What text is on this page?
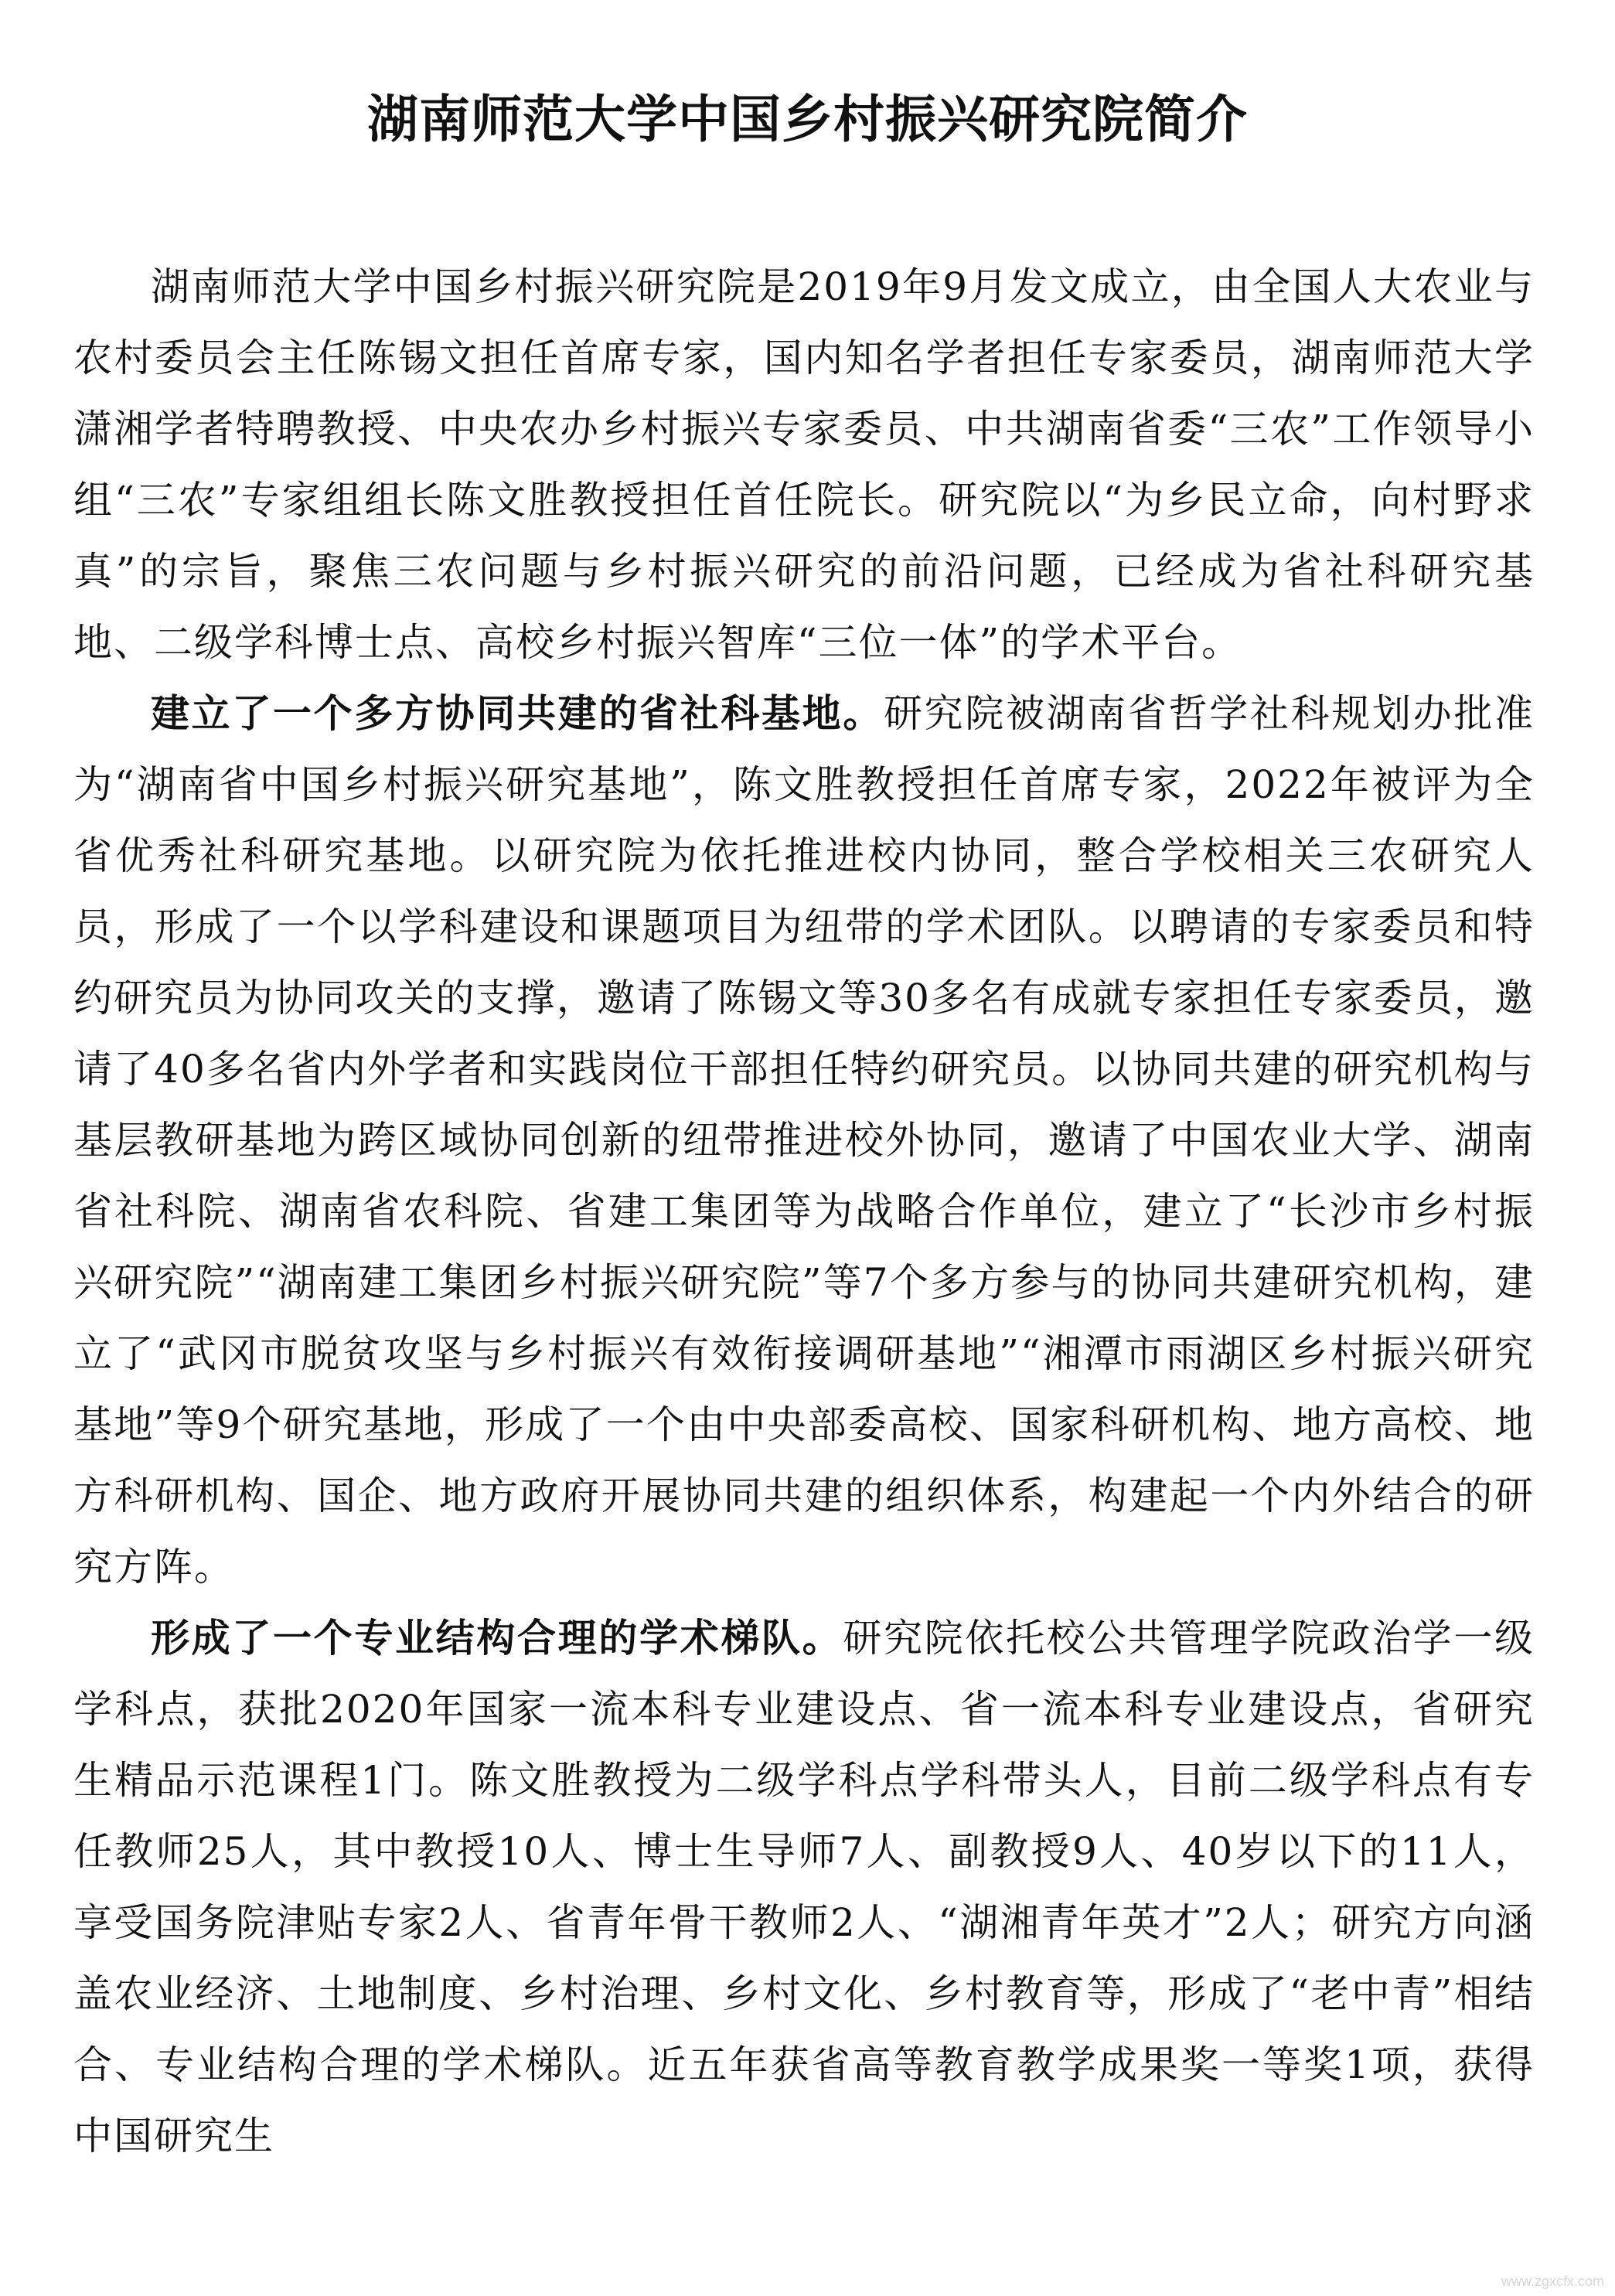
湖南师范大学中国乡村振兴研究院简介

湖南师范大学中国乡村振兴研究院是2019年9月发文成立，由全国人大农业与农村委员会主任陈锡文担任首席专家，国内知名学者担任专家委员，湖南师范大学潇湘学者特聘教授、中央农办乡村振兴专家委员、中共湖南省委“三农”工作领导小组“三农”专家组组长陈文胜教授担任首任院长。研究院以“为乡民立命，向村野求真”的宗旨，聚焦三农问题与乡村振兴研究的前沿问题，已经成为省社科研究基地、二级学科博士点、高校乡村振兴智库“三位一体”的学术平台。

建立了一个多方协同共建的省社科基地。研究院被湖南省哲学社科规划办批准为“湖南省中国乡村振兴研究基地”，陈文胜教授担任首席专家，2022年被评为全省优秀社科研究基地。以研究院为依托推进校内协同，整合学校相关三农研究人员，形成了一个以学科建设和课题项目为纽带的学术团队。以聘请的专家委员和特约研究员为协同攻关的支撑，邀请了陈锡文等30多名有成就专家担任专家委员，邀请了40多名省内外学者和实践岗位干部担任特约研究员。以协同共建的研究机构与基层教研基地为跨区域协同创新的纽带推进校外协同，邀请了中国农业大学、湖南省社科院、湖南省农科院、省建工集团等为战略合作单位，建立了“长沙市乡村振兴研究院”“湖南建工集团乡村振兴研究院”等7个多方参与的协同共建研究机构，建立了“武冈市脱贫攻坚与乡村振兴有效衔接调研基地”“湘潭市雨湖区乡村振兴研究基地”等9个研究基地，形成了一个由中央部委高校、国家科研机构、地方高校、地方科研机构、国企、地方政府开展协同共建的组织体系，构建起一个内外结合的研究方阵。

形成了一个专业结构合理的学术梯队。研究院依托校公共管理学院政治学一级学科点，获批2020年国家一流本科专业建设点、省一流本科专业建设点，省研究生精品示范课程1门。陈文胜教授为二级学科点学科带头人，目前二级学科点有专任教师25人，其中教授10人、博士生导师7人、副教授9人、40岁以下的11人，享受国务院津贴专家2人、省青年骨干教师2人、“湖湘青年英才”2人；研究方向涵盖农业经济、土地制度、乡村治理、乡村文化、乡村教育等，形成了“老中青”相结合、专业结构合理的学术梯队。近五年获省高等教育教学成果奖一等奖1项，获得中国研究生

www.zgxcfx.com
